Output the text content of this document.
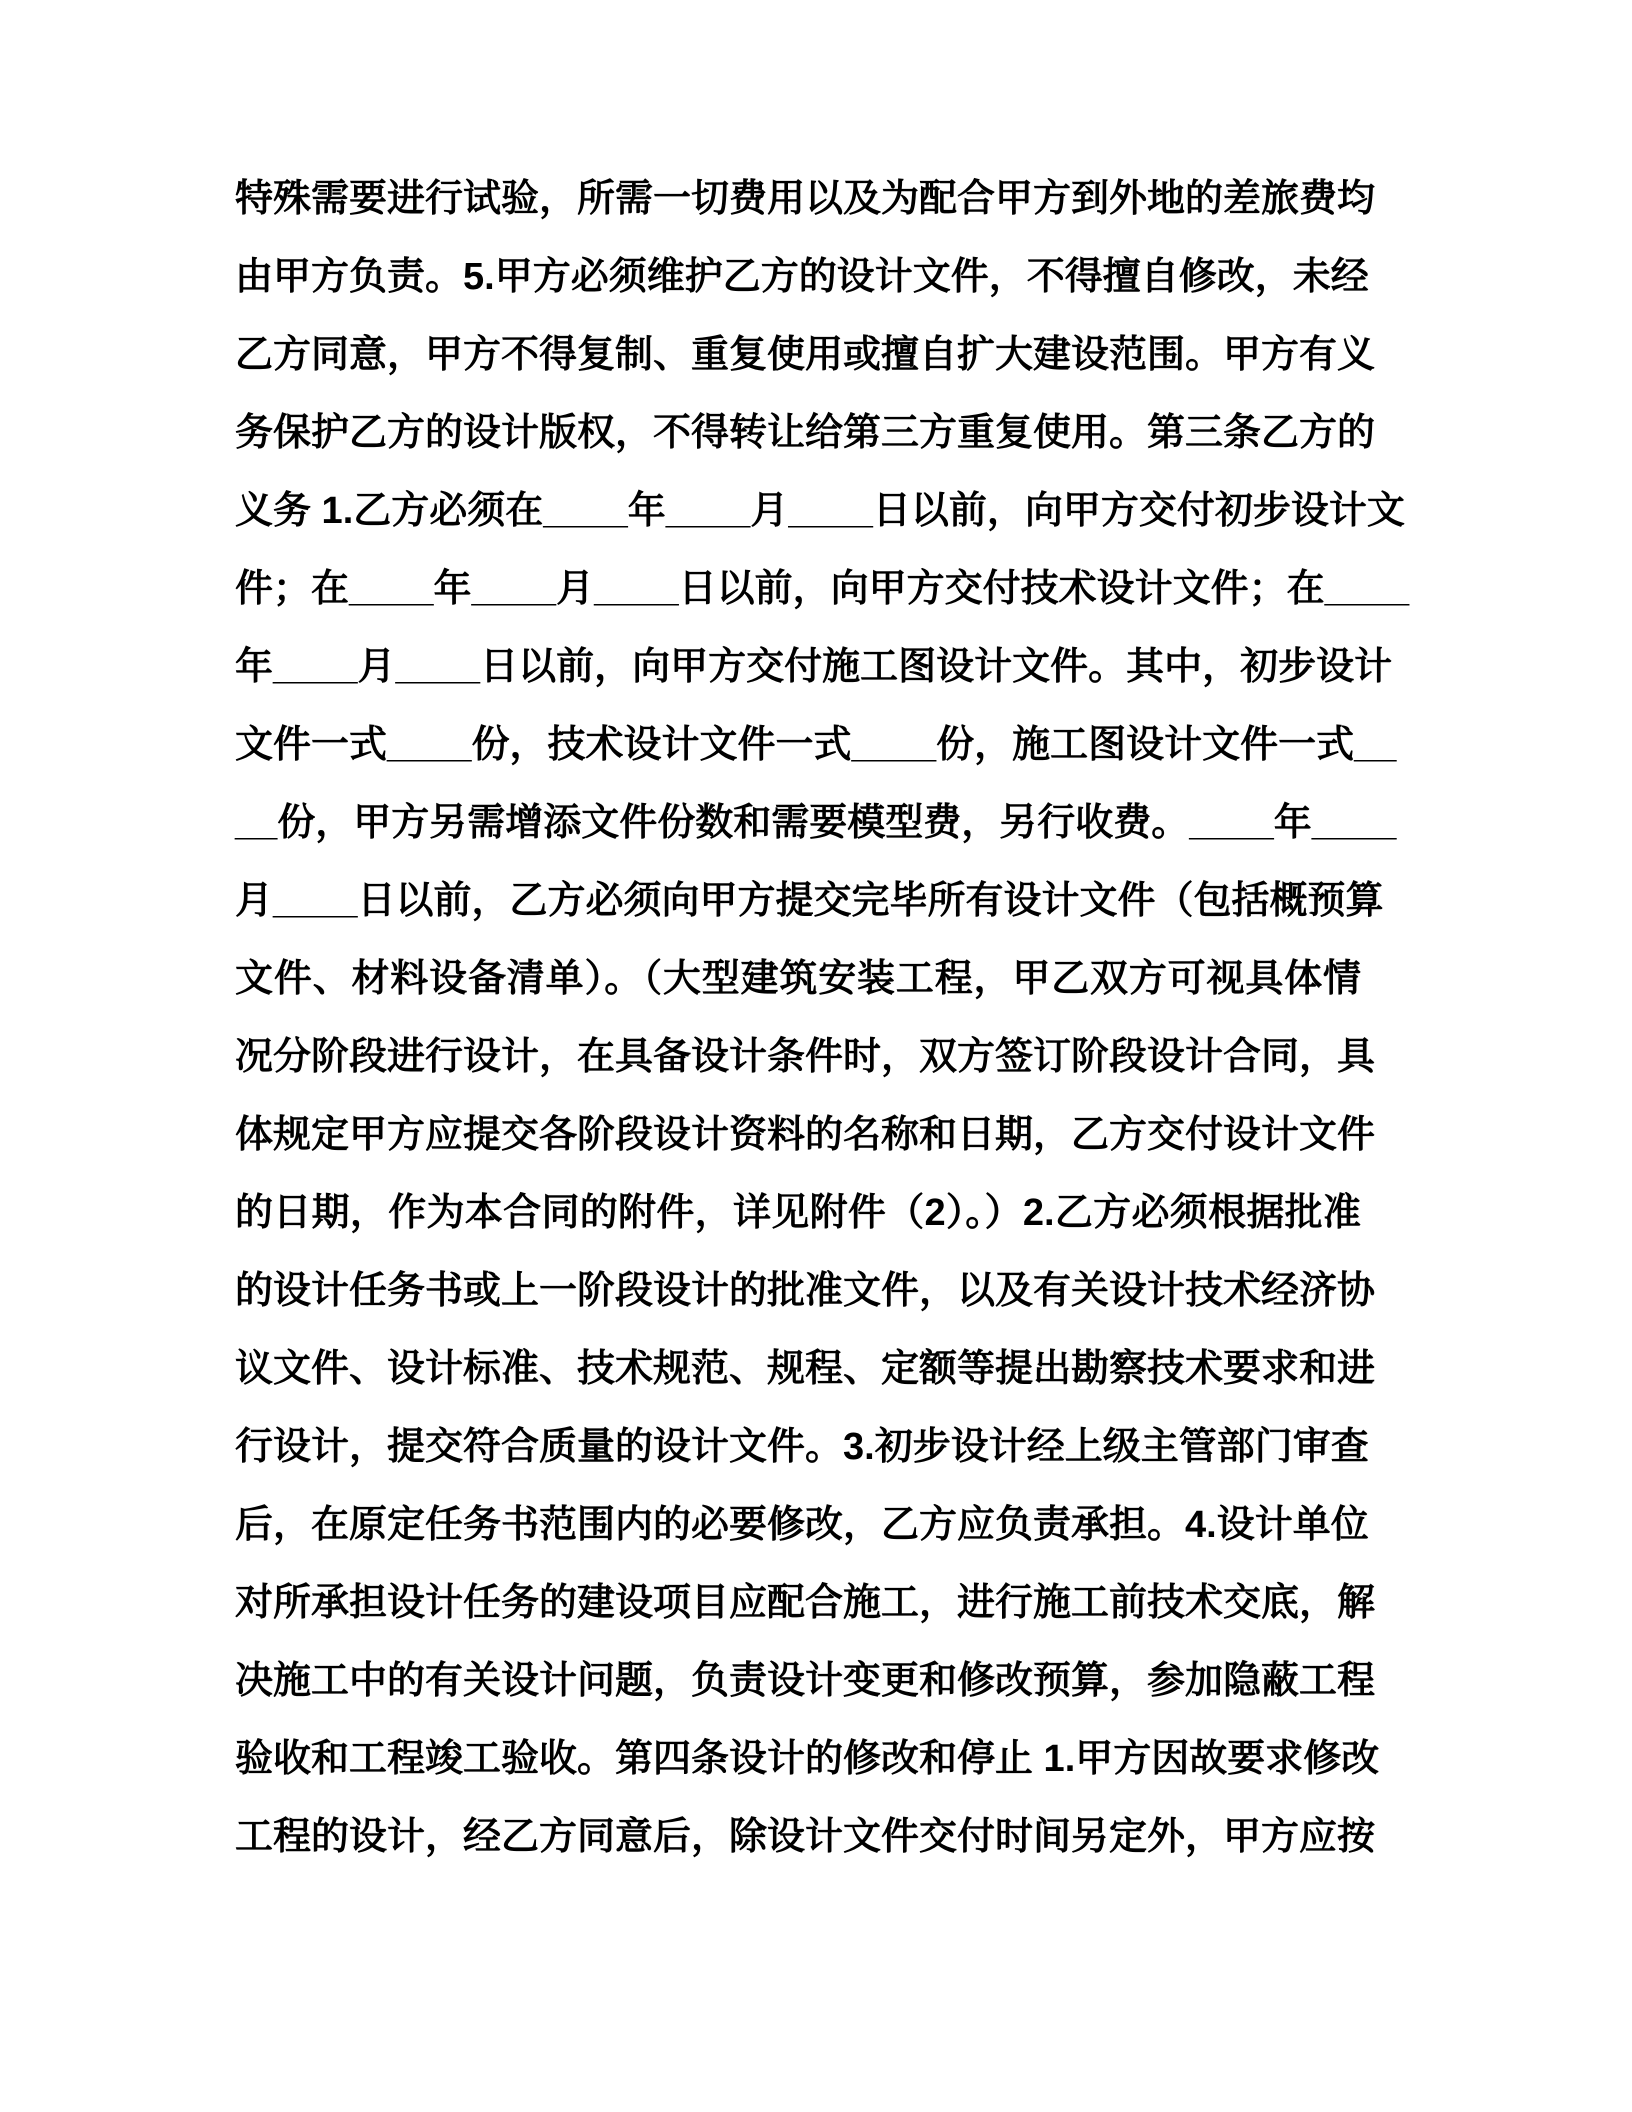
特殊需要进行试验，所需一切费用以及为配合甲方到外地的差旅费均
由甲方负责。5.甲方必须维护乙方的设计文件，不得擅自修改，未经
乙方同意，甲方不得复制、重复使用或擅自扩大建设范围。甲方有义
务保护乙方的设计版权，不得转让给第三方重复使用。第三条乙方的
义务 1.乙方必须在____年____月____日以前，向甲方交付初步设计文
件；在____年____月____日以前，向甲方交付技术设计文件；在____
年____月____日以前，向甲方交付施工图设计文件。其中，初步设计
文件一式____份，技术设计文件一式____份，施工图设计文件一式__
__份，甲方另需增添文件份数和需要模型费，另行收费。____年____
月____日以前，乙方必须向甲方提交完毕所有设计文件（包括概预算
文件、材料设备清单）。（大型建筑安装工程，甲乙双方可视具体情
况分阶段进行设计，在具备设计条件时，双方签订阶段设计合同，具
体规定甲方应提交各阶段设计资料的名称和日期，乙方交付设计文件
的日期，作为本合同的附件，详见附件（2）。）2.乙方必须根据批准
的设计任务书或上一阶段设计的批准文件，以及有关设计技术经济协
议文件、设计标准、技术规范、规程、定额等提出勘察技术要求和进
行设计，提交符合质量的设计文件。3.初步设计经上级主管部门审查
后，在原定任务书范围内的必要修改，乙方应负责承担。4.设计单位
对所承担设计任务的建设项目应配合施工，进行施工前技术交底，解
决施工中的有关设计问题，负责设计变更和修改预算，参加隐蔽工程
验收和工程竣工验收。第四条设计的修改和停止 1.甲方因故要求修改
工程的设计，经乙方同意后，除设计文件交付时间另定外，甲方应按
